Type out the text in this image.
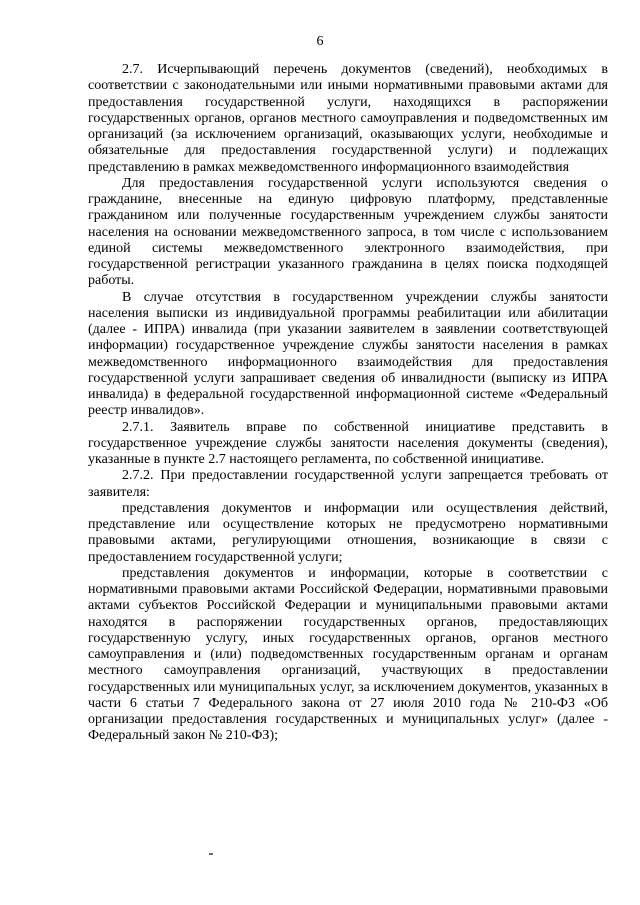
6

2.7. Исчерпывающий перечень документов (сведений), необходимых в соответствии с законодательными или иными нормативными правовыми актами для предоставления государственной услуги, находящихся в распоряжении государственных органов, органов местного самоуправления и подведомственных им организаций (за исключением организаций, оказывающих услуги, необходимые и обязательные для предоставления государственной услуги) и подлежащих представлению в рамках межведомственного информационного взаимодействия

Для предоставления государственной услуги используются сведения о гражданине, внесенные на единую цифровую платформу, представленные гражданином или полученные государственным учреждением службы занятости населения на основании межведомственного запроса, в том числе с использованием единой системы межведомственного электронного взаимодействия, при государственной регистрации указанного гражданина в целях поиска подходящей работы.

В случае отсутствия в государственном учреждении службы занятости населения выписки из индивидуальной программы реабилитации или абилитации (далее - ИПРА) инвалида (при указании заявителем в заявлении соответствующей информации) государственное учреждение службы занятости населения в рамках межведомственного информационного взаимодействия для предоставления государственной услуги запрашивает сведения об инвалидности (выписку из ИПРА инвалида) в федеральной государственной информационной системе «Федеральный реестр инвалидов».

2.7.1. Заявитель вправе по собственной инициативе представить в государственное учреждение службы занятости населения документы (сведения), указанные в пункте 2.7 настоящего регламента, по собственной инициативе.

2.7.2. При предоставлении государственной услуги запрещается требовать от заявителя:

представления документов и информации или осуществления действий, представление или осуществление которых не предусмотрено нормативными правовыми актами, регулирующими отношения, возникающие в связи с предоставлением государственной услуги;

представления документов и информации, которые в соответствии с нормативными правовыми актами Российской Федерации, нормативными правовыми актами субъектов Российской Федерации и муниципальными правовыми актами находятся в распоряжении государственных органов, предоставляющих государственную услугу, иных государственных органов, органов местного самоуправления и (или) подведомственных государственным органам и органам местного самоуправления организаций, участвующих в предоставлении государственных или муниципальных услуг, за исключением документов, указанных в части 6 статьи 7 Федерального закона от 27 июля 2010 года № 210-ФЗ «Об организации предоставления государственных и муниципальных услуг» (далее - Федеральный закон № 210-ФЗ);
